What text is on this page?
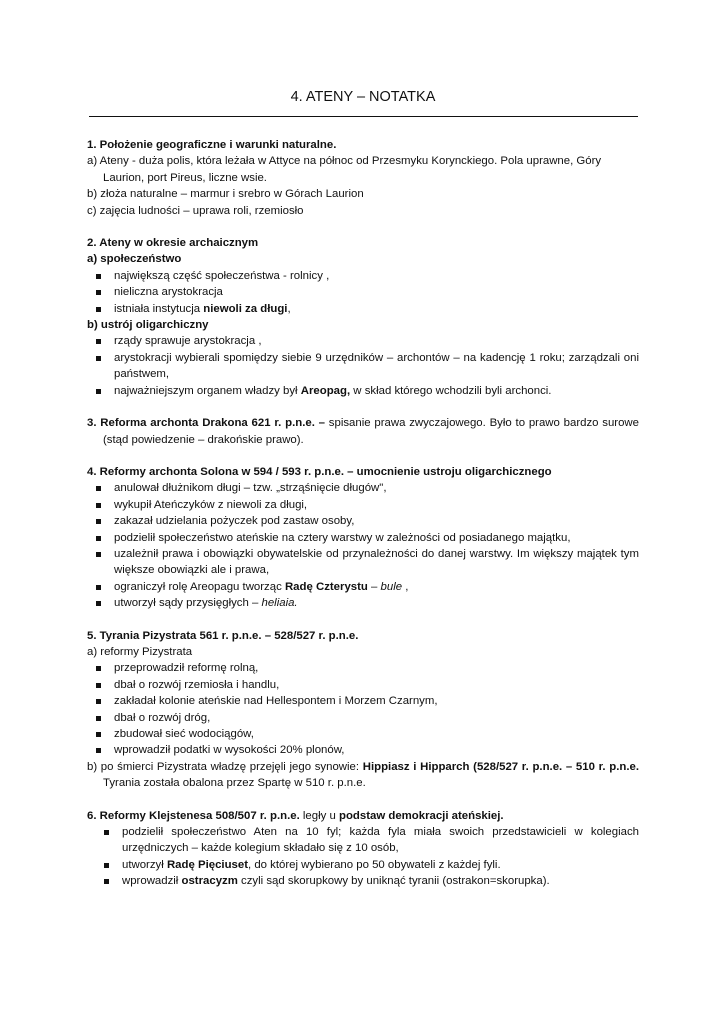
4. ATENY – NOTATKA

1. Położenie geograficzne i warunki naturalne.

a) Ateny - duża polis, która leżała w Attyce na północ od Przesmyku Korynckiego. Pola uprawne, Góry Laurion, port Pireus, liczne wsie.

b) złoża naturalne – marmur i srebro w Górach Laurion

c) zajęcia ludności – uprawa roli, rzemiosło

2. Ateny w okresie archaicznym

a) społeczeństwo

największą część społeczeństwa - rolnicy ,
nieliczna arystokracja
istniała instytucja niewoli za długi,

b) ustrój oligarchiczny

rządy sprawuje arystokracja ,
arystokracji wybierali spomiędzy siebie 9 urzędników – archontów – na kadencję 1 roku; zarządzali oni państwem,
najważniejszym organem władzy był Areopag, w skład którego wchodzili byli archonci.

3. Reforma archonta Drakona 621 r. p.n.e. – spisanie prawa zwyczajowego. Było to prawo bardzo surowe (stąd powiedzenie – drakońskie prawo).

4. Reformy archonta Solona w 594 / 593 r. p.n.e. – umocnienie ustroju oligarchicznego

anulował dłużnikom długi – tzw. „strząśnięcie długów",
wykupił Ateńczyków z niewoli za długi,
zakazał udzielania pożyczek pod zastaw osoby,
podzielił społeczeństwo ateńskie na cztery warstwy w zależności od posiadanego majątku,
uzależnił prawa i obowiązki obywatelskie od przynależności do danej warstwy. Im większy majątek tym większe obowiązki ale i prawa,
ograniczył rolę Areopagu tworząc Radę Czterystu – bule ,
utworzył sądy przysięgłych – heliaia.

5. Tyrania Pizystrata 561 r. p.n.e. – 528/527 r. p.n.e.

a) reformy Pizystrata

przeprowadził reformę rolną,
dbał o rozwój rzemiosła i handlu,
zakładał kolonie ateńskie nad Hellespontem i Morzem Czarnym,
dbał o rozwój dróg,
zbudował sieć wodociągów,
wprowadził podatki w wysokości 20% plonów,

b) po śmierci Pizystrata władzę przejęli jego synowie: Hippiasz i Hipparch (528/527 r. p.n.e. – 510 r. p.n.e. Tyrania została obalona przez Spartę w 510 r. p.n.e.

6. Reformy Klejstenesa 508/507 r. p.n.e. legły u podstaw demokracji ateńskiej.

podzielił społeczeństwo Aten na 10 fyl; każda fyla miała swoich przedstawicieli w kolegiach urzędniczych – każde kolegium składało się z 10 osób,
utworzył Radę Pięciuset, do której wybierano po 50 obywateli z każdej fyli.
wprowadził ostracyzm czyli sąd skorupkowy by uniknąć tyranii (ostrakon=skorupka).
